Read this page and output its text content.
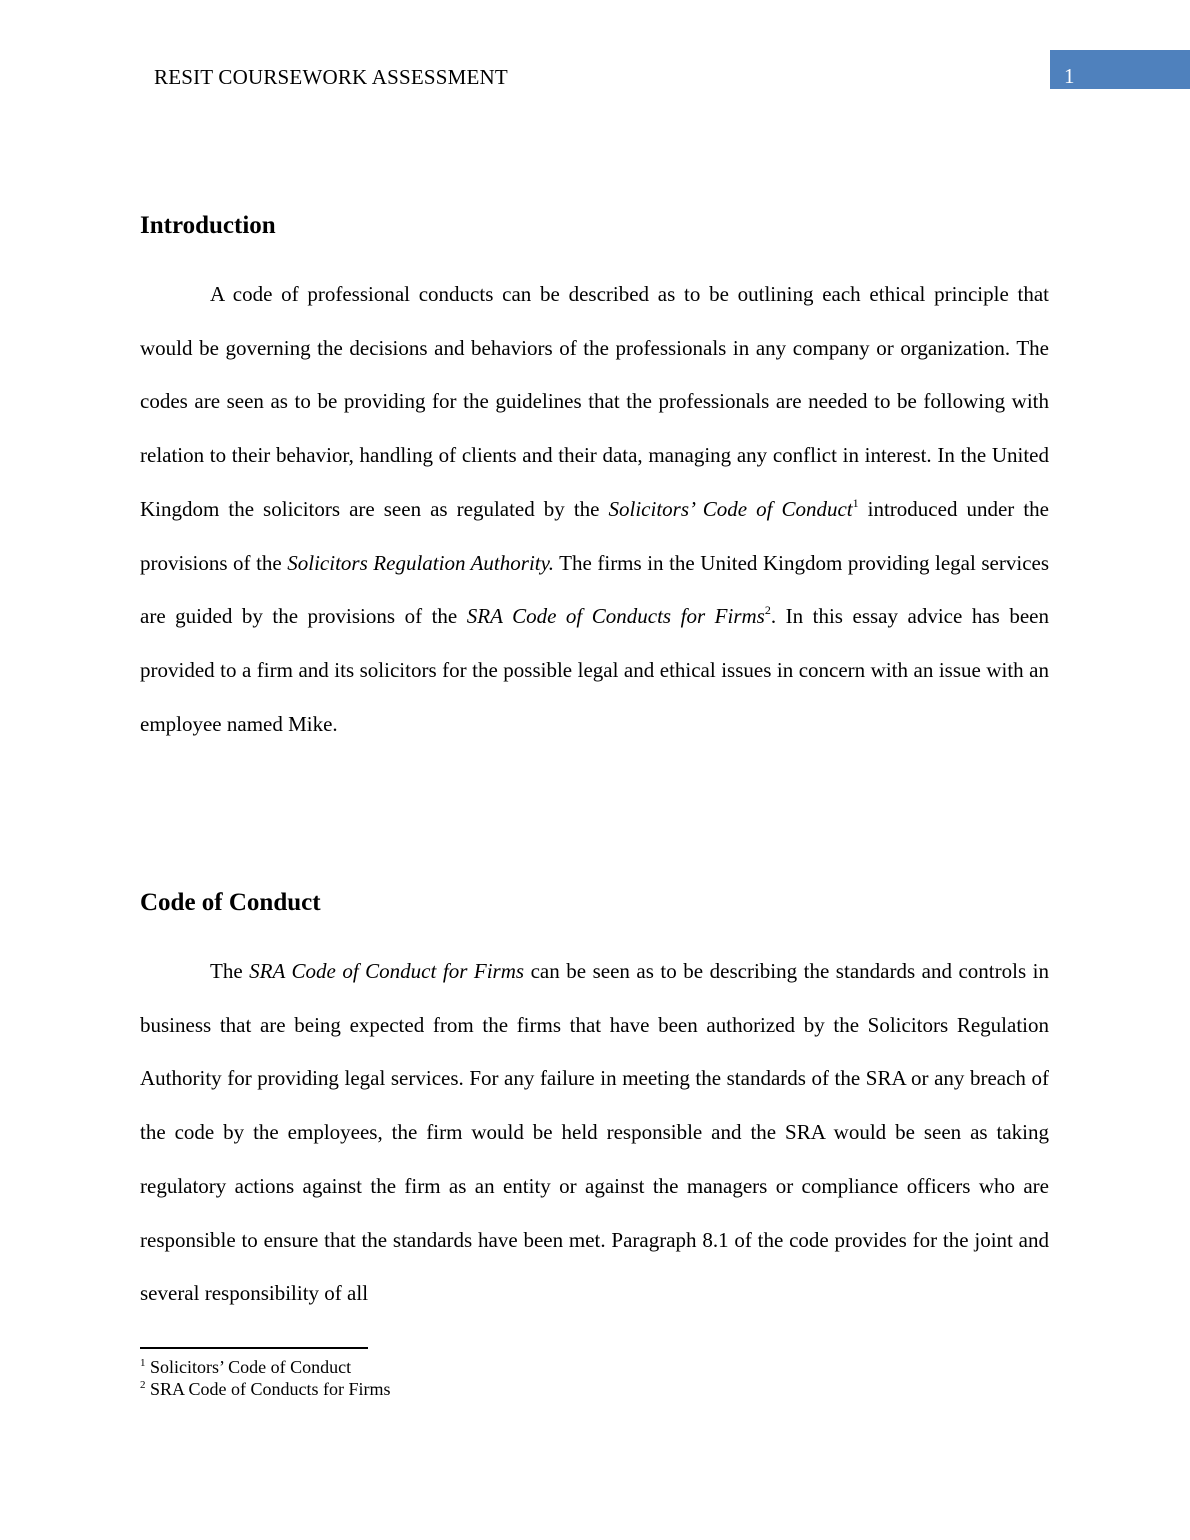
RESIT COURSEWORK ASSESSMENT	1
Introduction

A code of professional conducts can be described as to be outlining each ethical principle that would be governing the decisions and behaviors of the professionals in any company or organization. The codes are seen as to be providing for the guidelines that the professionals are needed to be following with relation to their behavior, handling of clients and their data, managing any conflict in interest. In the United Kingdom the solicitors are seen as regulated by the Solicitors’ Code of Conduct$^1$ introduced under the provisions of the Solicitors Regulation Authority. The firms in the United Kingdom providing legal services are guided by the provisions of the SRA Code of Conducts for Firms$^2$. In this essay advice has been provided to a firm and its solicitors for the possible legal and ethical issues in concern with an issue with an employee named Mike.

Code of Conduct

The SRA Code of Conduct for Firms can be seen as to be describing the standards and controls in business that are being expected from the firms that have been authorized by the Solicitors Regulation Authority for providing legal services. For any failure in meeting the standards of the SRA or any breach of the code by the employees, the firm would be held responsible and the SRA would be seen as taking regulatory actions against the firm as an entity or against the managers or compliance officers who are responsible to ensure that the standards have been met. Paragraph 8.1 of the code provides for the joint and several responsibility of all

$^1$ Solicitors’ Code of Conduct
$^2$ SRA Code of Conducts for Firms
